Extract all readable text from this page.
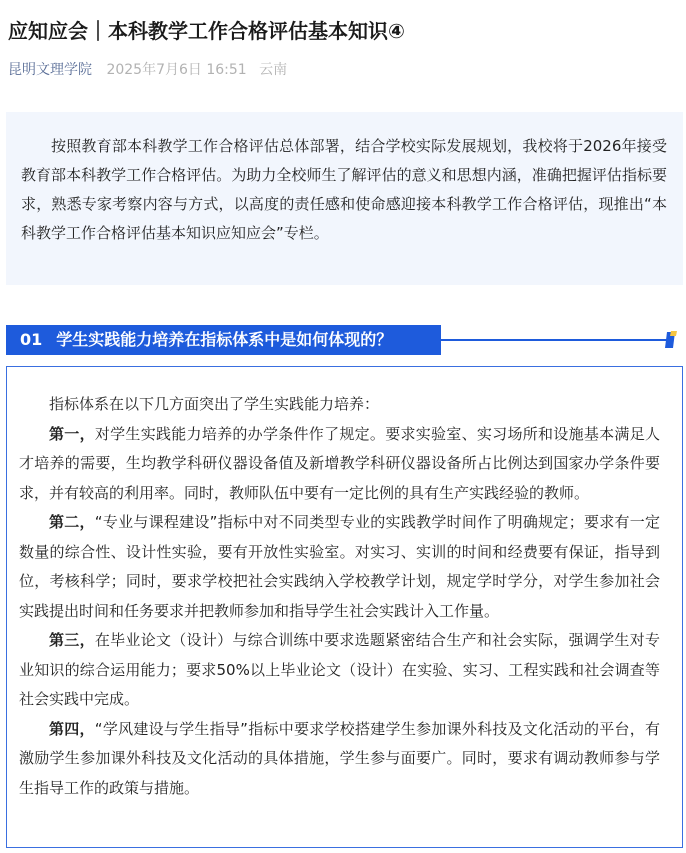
应知应会｜本科教学工作合格评估基本知识④
昆明文理学院 2025年7月6日 16:51 云南
按照教育部本科教学工作合格评估总体部署，结合学校实际发展规划，我校将于2026年接受教育部本科教学工作合格评估。为助力全校师生了解评估的意义和思想内涵，准确把握评估指标要求，熟悉专家考察内容与方式，以高度的责任感和使命感迎接本科教学工作合格评估，现推出“本科教学工作合格评估基本知识应知应会”专栏。
01 学生实践能力培养在指标体系中是如何体现的？

指标体系在以下几方面突出了学生实践能力培养：

第一，对学生实践能力培养的办学条件作了规定。要求实验室、实习场所和设施基本满足人才培养的需要，生均教学科研仪器设备值及新增教学科研仪器设备所占比例达到国家办学条件要求，并有较高的利用率。同时，教师队伍中要有一定比例的具有生产实践经验的教师。

第二，“专业与课程建设”指标中对不同类型专业的实践教学时间作了明确规定；要求有一定数量的综合性、设计性实验，要有开放性实验室。对实习、实训的时间和经费要有保证，指导到位，考核科学；同时，要求学校把社会实践纳入学校教学计划，规定学时学分，对学生参加社会实践提出时间和任务要求并把教师参加和指导学生社会实践计入工作量。

第三，在毕业论文（设计）与综合训练中要求选题紧密结合生产和社会实际，强调学生对专业知识的综合运用能力；要求50%以上毕业论文（设计）在实验、实习、工程实践和社会调查等社会实践中完成。

第四，“学风建设与学生指导”指标中要求学校搭建学生参加课外科技及文化活动的平台，有激励学生参加课外科技及文化活动的具体措施，学生参与面要广。同时，要求有调动教师参与学生指导工作的政策与措施。
